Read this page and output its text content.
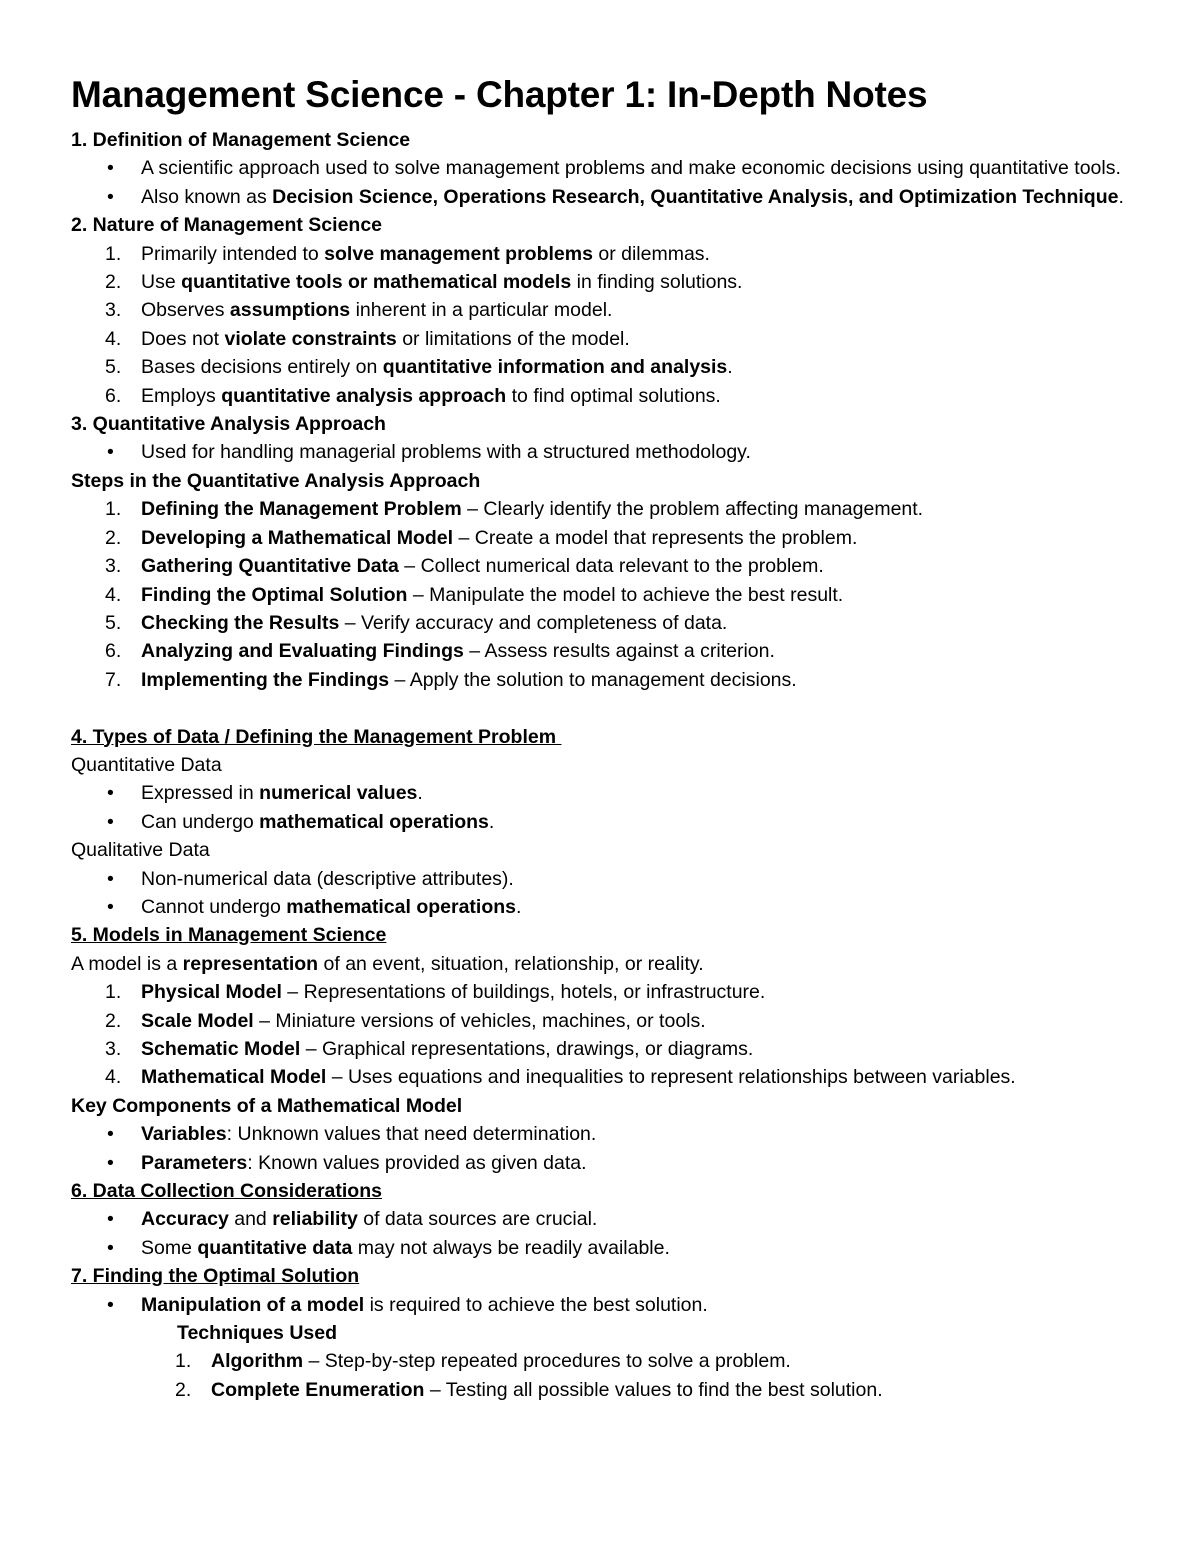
Management Science - Chapter 1: In-Depth Notes
1. Definition of Management Science
• A scientific approach used to solve management problems and make economic decisions using quantitative tools.
• Also known as Decision Science, Operations Research, Quantitative Analysis, and Optimization Technique.
2. Nature of Management Science
1. Primarily intended to solve management problems or dilemmas.
2. Use quantitative tools or mathematical models in finding solutions.
3. Observes assumptions inherent in a particular model.
4. Does not violate constraints or limitations of the model.
5. Bases decisions entirely on quantitative information and analysis.
6. Employs quantitative analysis approach to find optimal solutions.
3. Quantitative Analysis Approach
• Used for handling managerial problems with a structured methodology.
Steps in the Quantitative Analysis Approach
1. Defining the Management Problem – Clearly identify the problem affecting management.
2. Developing a Mathematical Model – Create a model that represents the problem.
3. Gathering Quantitative Data – Collect numerical data relevant to the problem.
4. Finding the Optimal Solution – Manipulate the model to achieve the best result.
5. Checking the Results – Verify accuracy and completeness of data.
6. Analyzing and Evaluating Findings – Assess results against a criterion.
7. Implementing the Findings – Apply the solution to management decisions.
4. Types of Data / Defining the Management Problem
Quantitative Data
• Expressed in numerical values.
• Can undergo mathematical operations.
Qualitative Data
• Non-numerical data (descriptive attributes).
• Cannot undergo mathematical operations.
5. Models in Management Science
A model is a representation of an event, situation, relationship, or reality.
1. Physical Model – Representations of buildings, hotels, or infrastructure.
2. Scale Model – Miniature versions of vehicles, machines, or tools.
3. Schematic Model – Graphical representations, drawings, or diagrams.
4. Mathematical Model – Uses equations and inequalities to represent relationships between variables.
Key Components of a Mathematical Model
• Variables: Unknown values that need determination.
• Parameters: Known values provided as given data.
6. Data Collection Considerations
• Accuracy and reliability of data sources are crucial.
• Some quantitative data may not always be readily available.
7. Finding the Optimal Solution
• Manipulation of a model is required to achieve the best solution.
Techniques Used
1. Algorithm – Step-by-step repeated procedures to solve a problem.
2. Complete Enumeration – Testing all possible values to find the best solution.
